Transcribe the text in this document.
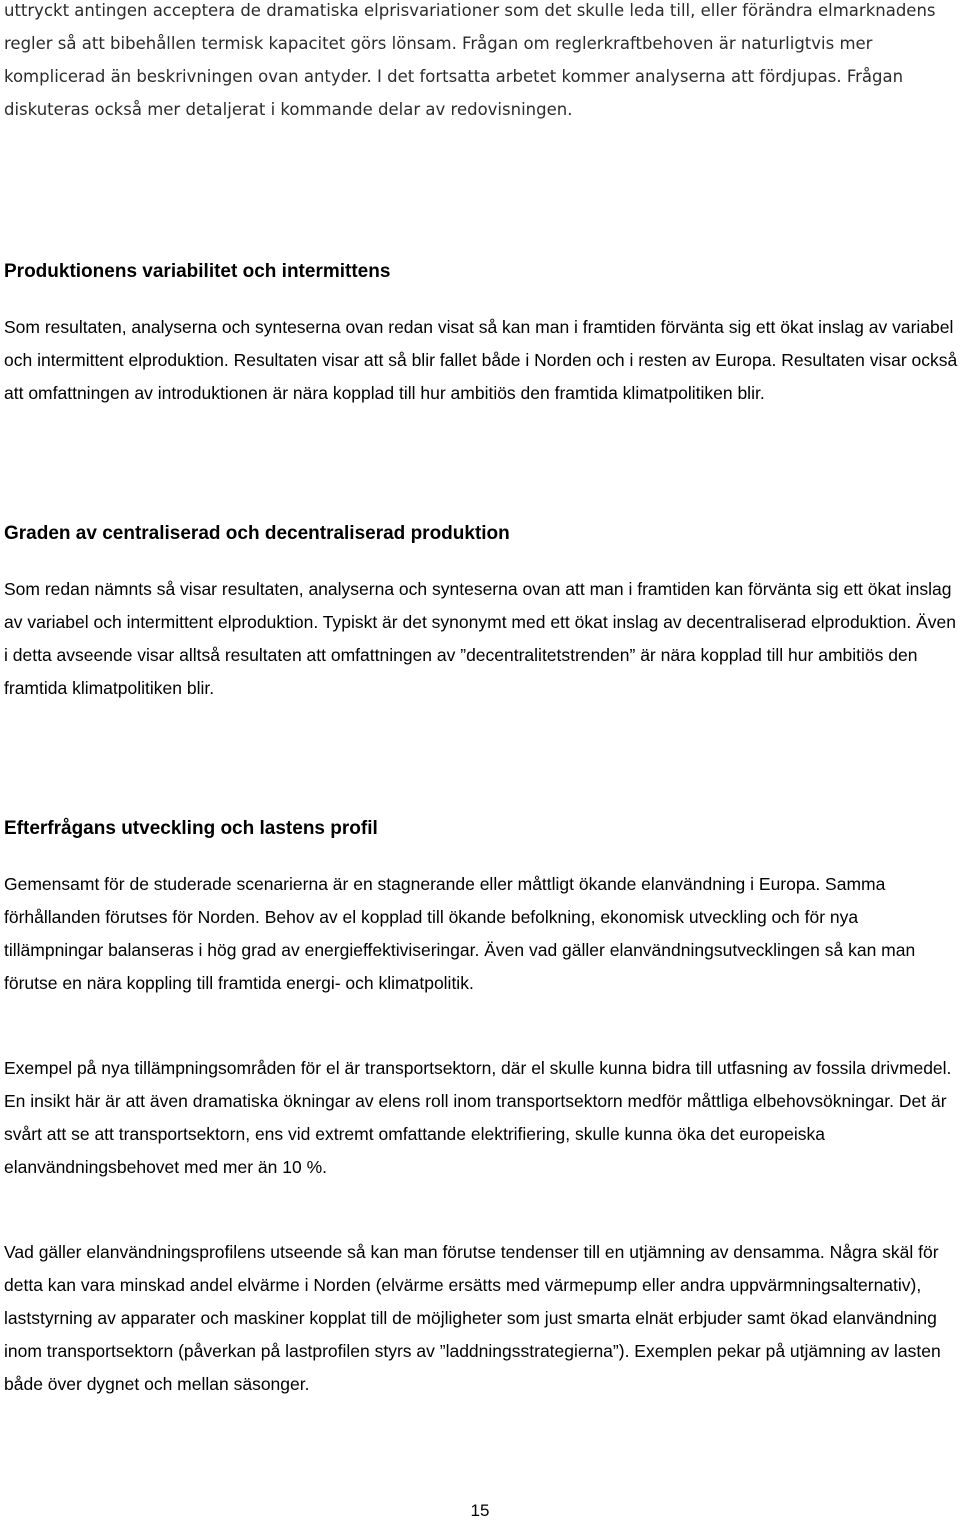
uttryckt antingen acceptera de dramatiska elprisvariationer som det skulle leda till, eller förändra elmarknadens regler så att bibehållen termisk kapacitet görs lönsam. Frågan om reglerkraftbehoven är naturligtvis mer komplicerad än beskrivningen ovan antyder. I det fortsatta arbetet kommer analyserna att fördjupas. Frågan diskuteras också mer detaljerat i kommande delar av redovisningen.

Produktionens variabilitet och intermittens

Som resultaten, analyserna och synteserna ovan redan visat så kan man i framtiden förvänta sig ett ökat inslag av variabel och intermittent elproduktion. Resultaten visar att så blir fallet både i Norden och i resten av Europa. Resultaten visar också att omfattningen av introduktionen är nära kopplad till hur ambitiös den framtida klimatpolitiken blir.

Graden av centraliserad och decentraliserad produktion

Som redan nämnts så visar resultaten, analyserna och synteserna ovan att man i framtiden kan förvänta sig ett ökat inslag av variabel och intermittent elproduktion. Typiskt är det synonymt med ett ökat inslag av decentraliserad elproduktion. Även i detta avseende visar alltså resultaten att omfattningen av ”decentralitetstrenden” är nära kopplad till hur ambitiös den framtida klimatpolitiken blir.

Efterfrågans utveckling och lastens profil

Gemensamt för de studerade scenarierna är en stagnerande eller måttligt ökande elanvändning i Europa. Samma förhållanden förutses för Norden. Behov av el kopplad till ökande befolkning, ekonomisk utveckling och för nya tillämpningar balanseras i hög grad av energieffektiviseringar. Även vad gäller elanvändningsutvecklingen så kan man förutse en nära koppling till framtida energi- och klimatpolitik.

Exempel på nya tillämpningsområden för el är transportsektorn, där el skulle kunna bidra till utfasning av fossila drivmedel. En insikt här är att även dramatiska ökningar av elens roll inom transportsektorn medför måttliga elbehovsökningar. Det är svårt att se att transportsektorn, ens vid extremt omfattande elektrifiering, skulle kunna öka det europeiska elanvändningsbehovet med mer än 10 %.

Vad gäller elanvändningsprofilens utseende så kan man förutse tendenser till en utjämning av densamma. Några skäl för detta kan vara minskad andel elvärme i Norden (elvärme ersätts med värmepump eller andra uppvärmningsalternativ), laststyrning av apparater och maskiner kopplat till de möjligheter som just smarta elnät erbjuder samt ökad elanvändning inom transportsektorn (påverkan på lastprofilen styrs av ”laddningsstrategierna”). Exemplen pekar på utjämning av lasten både över dygnet och mellan säsonger.

15
